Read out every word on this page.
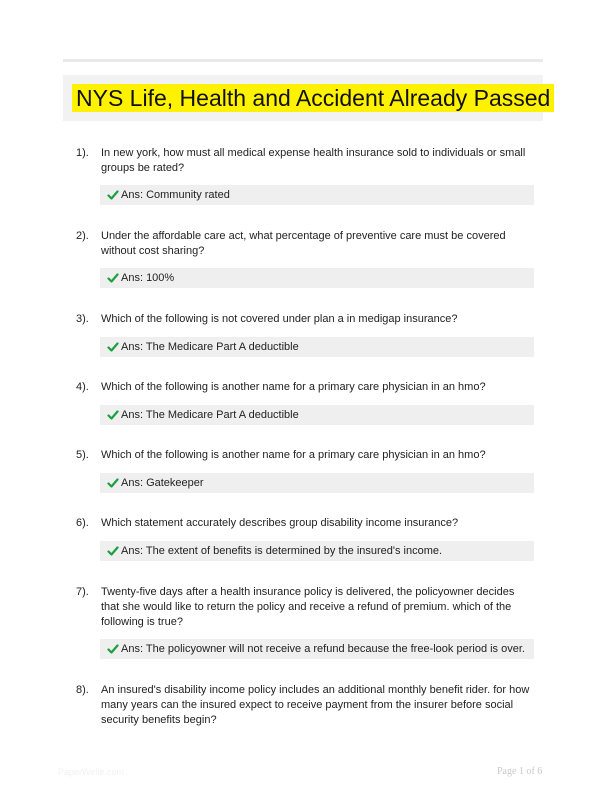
NYS Life, Health and Accident Already Passed
1). In new york, how must all medical expense health insurance sold to individuals or small groups be rated?
Ans: Community rated
2). Under the affordable care act, what percentage of preventive care must be covered without cost sharing?
Ans: 100%
3). Which of the following is not covered under plan a in medigap insurance?
Ans: The Medicare Part A deductible
4). Which of the following is another name for a primary care physician in an hmo?
Ans: The Medicare Part A deductible
5). Which of the following is another name for a primary care physician in an hmo?
Ans: Gatekeeper
6). Which statement accurately describes group disability income insurance?
Ans: The extent of benefits is determined by the insured's income.
7). Twenty-five days after a health insurance policy is delivered, the policyowner decides that she would like to return the policy and receive a refund of premium. which of the following is true?
Ans: The policyowner will not receive a refund because the free-look period is over.
8). An insured's disability income policy includes an additional monthly benefit rider. for how many years can the insured expect to receive payment from the insurer before social security benefits begin?
PaperWelle.com	Page 1 of 6
